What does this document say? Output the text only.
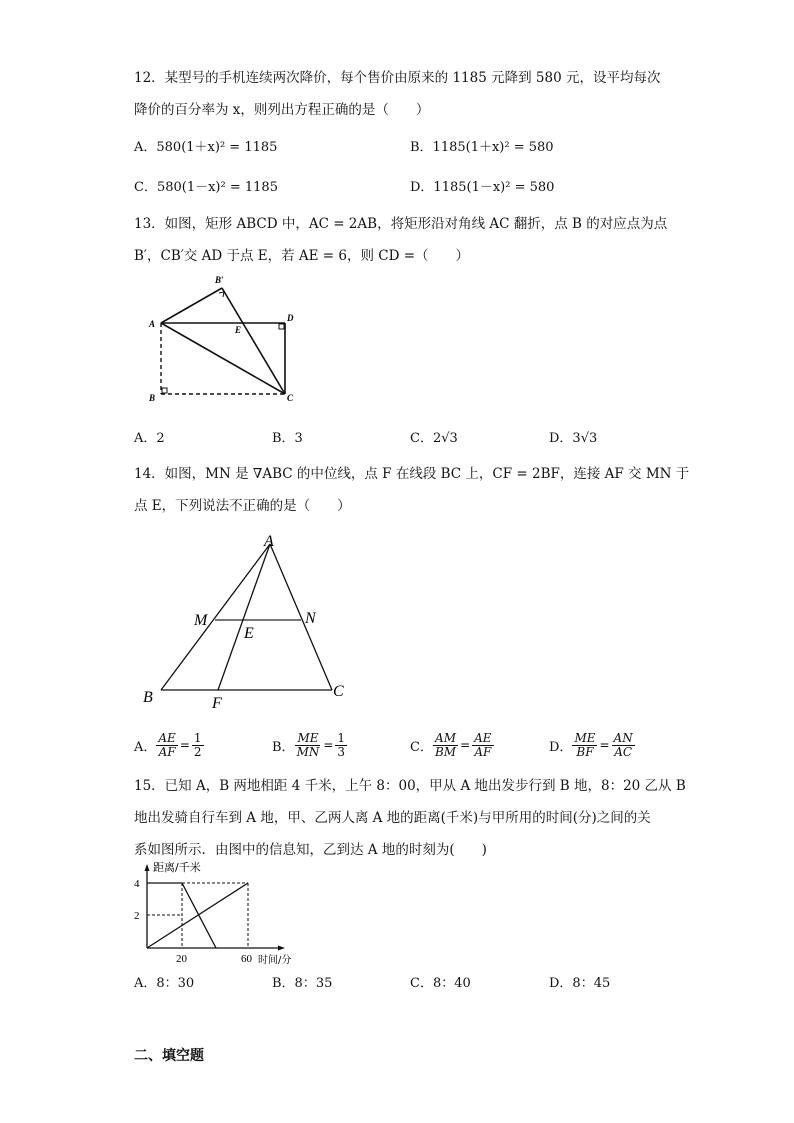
12．某型号的手机连续两次降价，每个售价由原来的 1185 元降到 580 元，设平均每次
降价的百分率为 x，则列出方程正确的是（　　）
A．580(1＋x)² = 1185	B．1185(1＋x)² = 580
C．580(1－x)² = 1185	D．1185(1－x)² = 580
13．如图，矩形 ABCD 中，AC = 2AB，将矩形沿对角线 AC 翻折，点 B 的对应点为点
B′，CB′交 AD 于点 E，若 AE = 6，则 CD =（　　）
A
B	C
D
E
B′
A．2	B．3	C．2√3	D．3√3
14．如图，MN 是 ∇ABC 的中位线，点 F 在线段 BC 上，CF = 2BF，连接 AF 交 MN 于
点 E，下列说法不正确的是（　　）
A
B	C
M	N
E
F
A． $\frac{AE}{AF} = \frac{1}{2}$	B． $\frac{ME}{MN} = \frac{1}{3}$	C． $\frac{AM}{BM} = \frac{AE}{AF}$	D． $\frac{ME}{BF} = \frac{AN}{AC}$
15．已知 A，B 两地相距 4 千米，上午 8：00，甲从 A 地出发步行到 B 地，8：20 乙从 B
地出发骑自行车到 A 地，甲、乙两人离 A 地的距离(千米)与甲所用的时间(分)之间的关
系如图所示．由图中的信息知，乙到达 A 地的时刻为(　　)
距离/千米
时间/分
4
2
20	60
A．8：30	B．8：35	C．8：40	D．8：45
二、填空题
